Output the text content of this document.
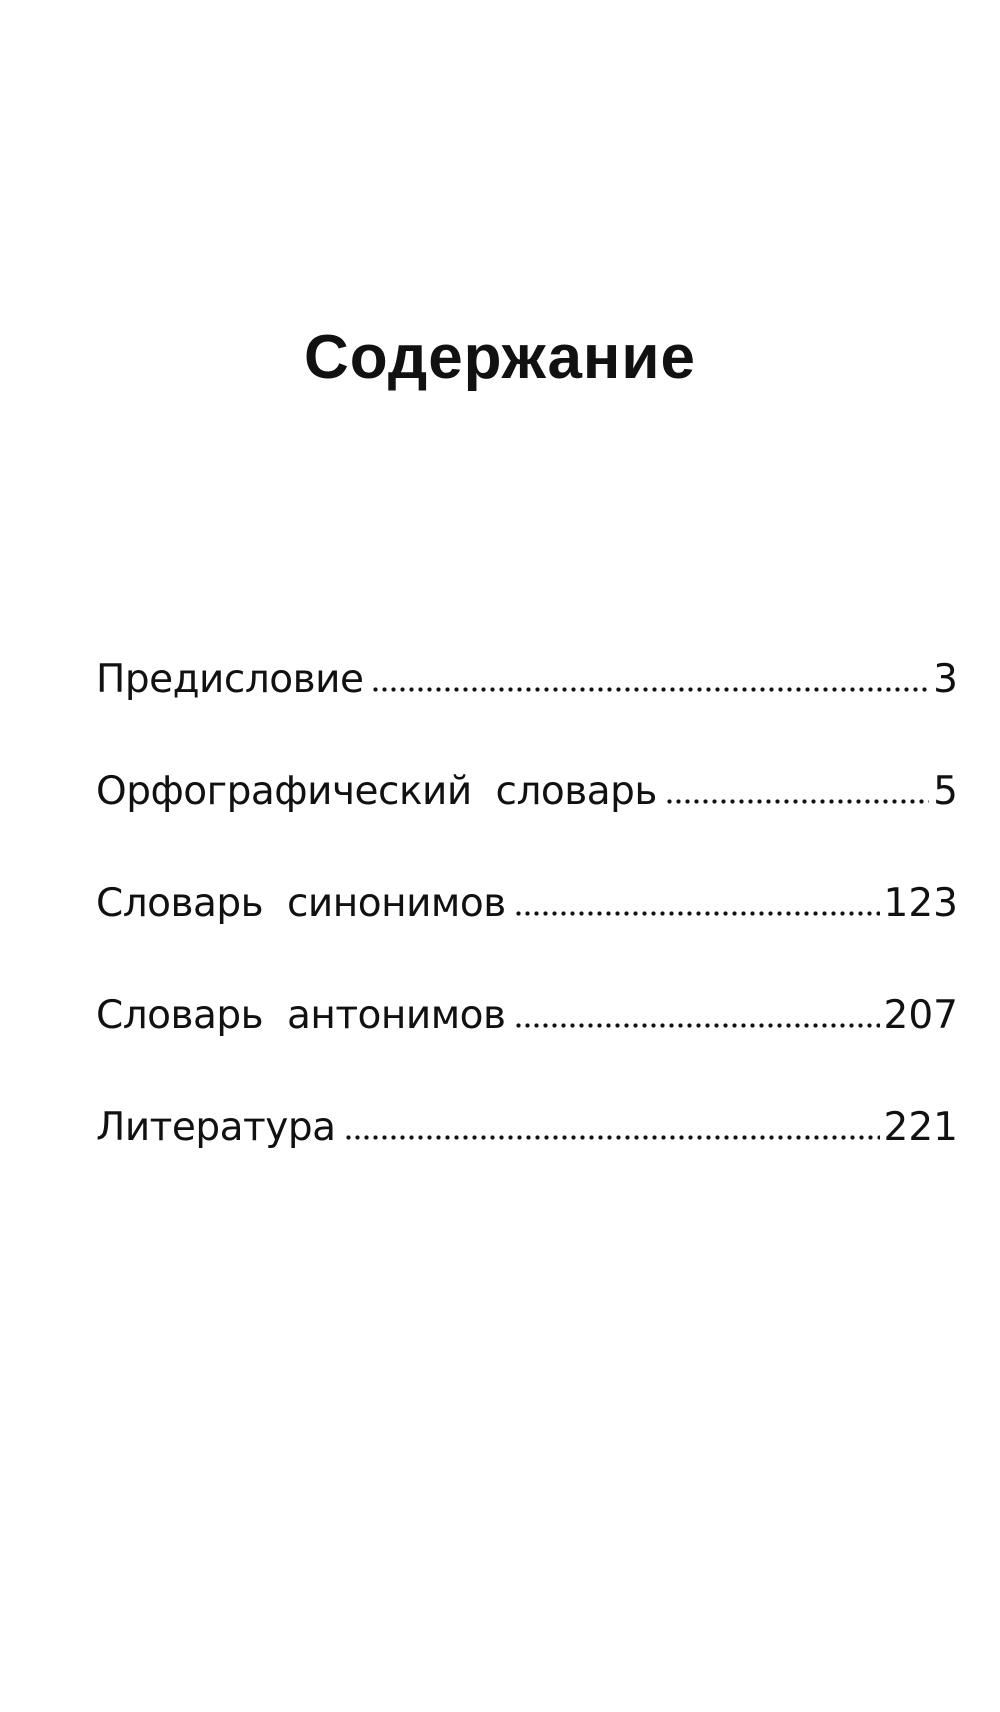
Содержание
Предисловие	3
Орфографический  словарь	5
Словарь  синонимов	123
Словарь  антонимов	207
Литература	221
